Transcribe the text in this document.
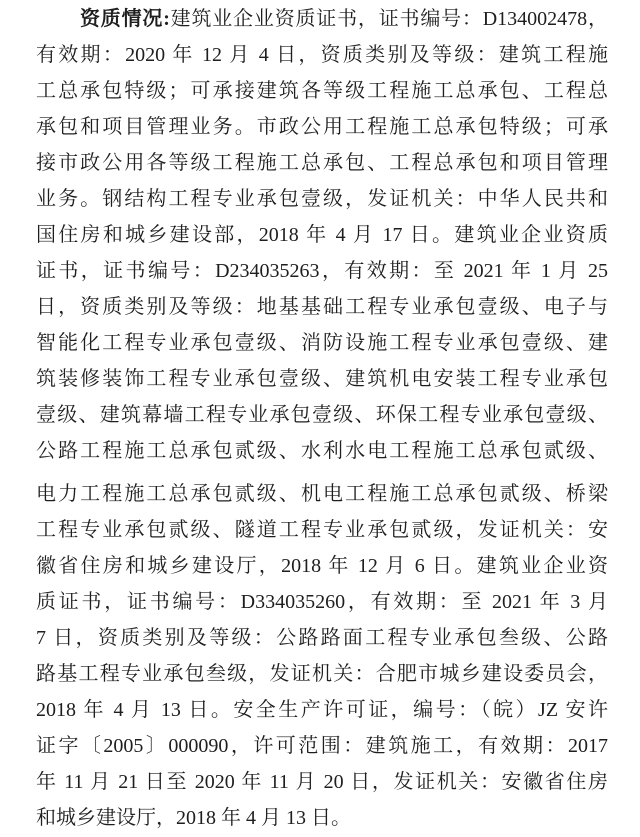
资质情况:建筑业企业资质证书，证书编号：D134002478，
有效期：2020 年 12 月 4 日，资质类别及等级：建筑工程施
工总承包特级；可承接建筑各等级工程施工总承包、工程总
承包和项目管理业务。市政公用工程施工总承包特级；可承
接市政公用各等级工程施工总承包、工程总承包和项目管理
业务。钢结构工程专业承包壹级，发证机关：中华人民共和
国住房和城乡建设部，2018 年 4 月 17 日。建筑业企业资质
证书，证书编号：D234035263，有效期：至 2021 年 1 月 25
日，资质类别及等级：地基基础工程专业承包壹级、电子与
智能化工程专业承包壹级、消防设施工程专业承包壹级、建
筑装修装饰工程专业承包壹级、建筑机电安装工程专业承包
壹级、建筑幕墙工程专业承包壹级、环保工程专业承包壹级、
公路工程施工总承包贰级、水利水电工程施工总承包贰级、
电力工程施工总承包贰级、机电工程施工总承包贰级、桥梁
工程专业承包贰级、隧道工程专业承包贰级，发证机关：安
徽省住房和城乡建设厅，2018 年 12 月 6 日。建筑业企业资
质证书，证书编号：D334035260，有效期：至 2021 年 3 月
7 日，资质类别及等级：公路路面工程专业承包叁级、公路
路基工程专业承包叁级，发证机关：合肥市城乡建设委员会，
2018 年 4 月 13 日。安全生产许可证，编号：（皖）JZ 安许
证字〔2005〕000090，许可范围：建筑施工，有效期：2017
年 11 月 21 日至 2020 年 11 月 20 日，发证机关：安徽省住房
和城乡建设厅，2018 年 4 月 13 日。
